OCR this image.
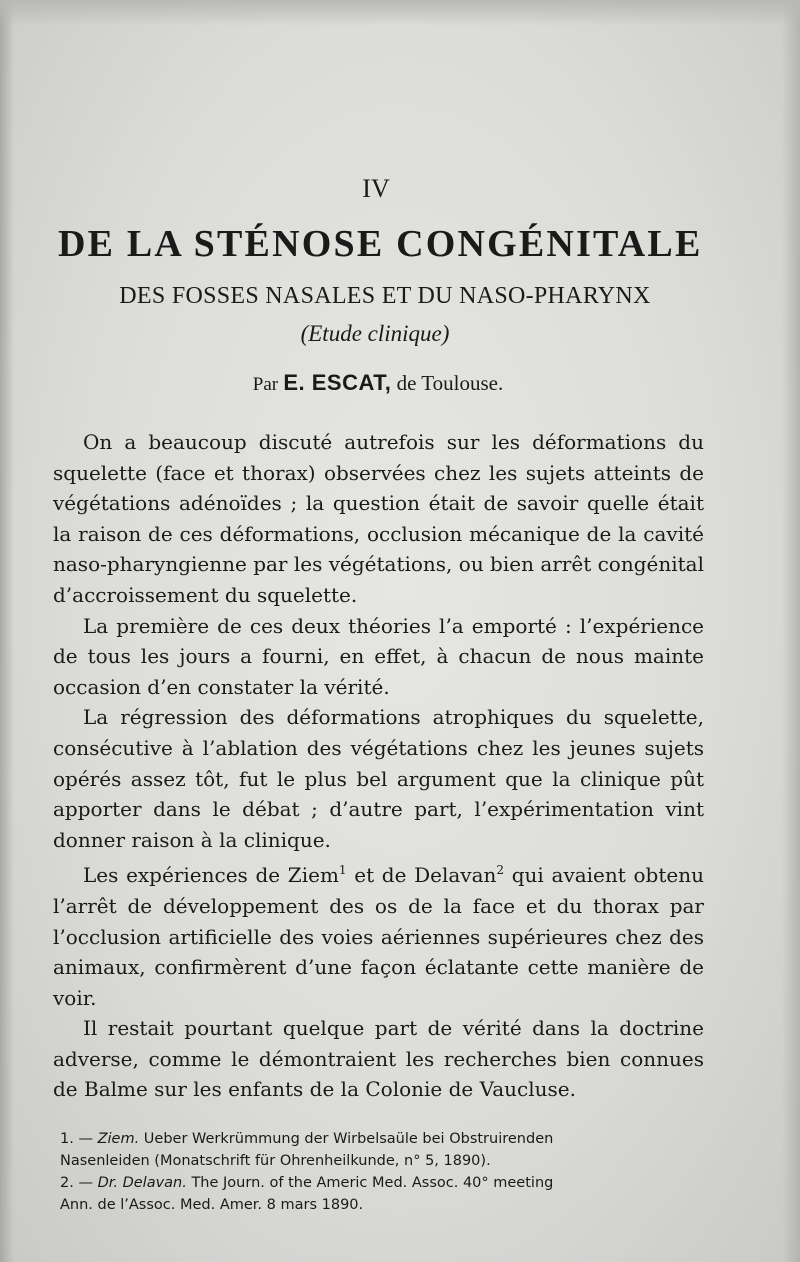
IV
DE LA STÉNOSE CONGÉNITALE
DES FOSSES NASALES ET DU NASO-PHARYNX
(Etude clinique)
Par E. ESCAT, de Toulouse.

On a beaucoup discuté autrefois sur les déformations du squelette (face et thorax) observées chez les sujets atteints de végétations adénoïdes ; la question était de savoir quelle était la raison de ces déformations, occlusion mécanique de la cavité naso-pharyngienne par les végétations, ou bien arrêt congénital d’accroissement du squelette.

La première de ces deux théories l’a emporté : l’expérience de tous les jours a fourni, en effet, à chacun de nous mainte occasion d’en constater la vérité.

La régression des déformations atrophiques du squelette, consécutive à l’ablation des végétations chez les jeunes sujets opérés assez tôt, fut le plus bel argument que la clinique pût apporter dans le débat ; d’autre part, l’expérimentation vint donner raison à la clinique.

Les expériences de Ziem$^1$ et de Delavan$^2$ qui avaient obtenu l’arrêt de développement des os de la face et du thorax par l’occlusion artificielle des voies aériennes supérieures chez des animaux, confirmèrent d’une façon éclatante cette manière de voir.

Il restait pourtant quelque part de vérité dans la doctrine adverse, comme le démontraient les recherches bien connues de Balme sur les enfants de la Colonie de Vaucluse.

1. — Ziem. Ueber Werkrümmung der Wirbelsaüle bei Obstruirenden
Nasenleiden (Monatschrift für Ohrenheilkunde, n° 5, 1890).
2. — Dr. Delavan. The Journ. of the Americ Med. Assoc. 40° meeting
Ann. de l’Assoc. Med. Amer. 8 mars 1890.
